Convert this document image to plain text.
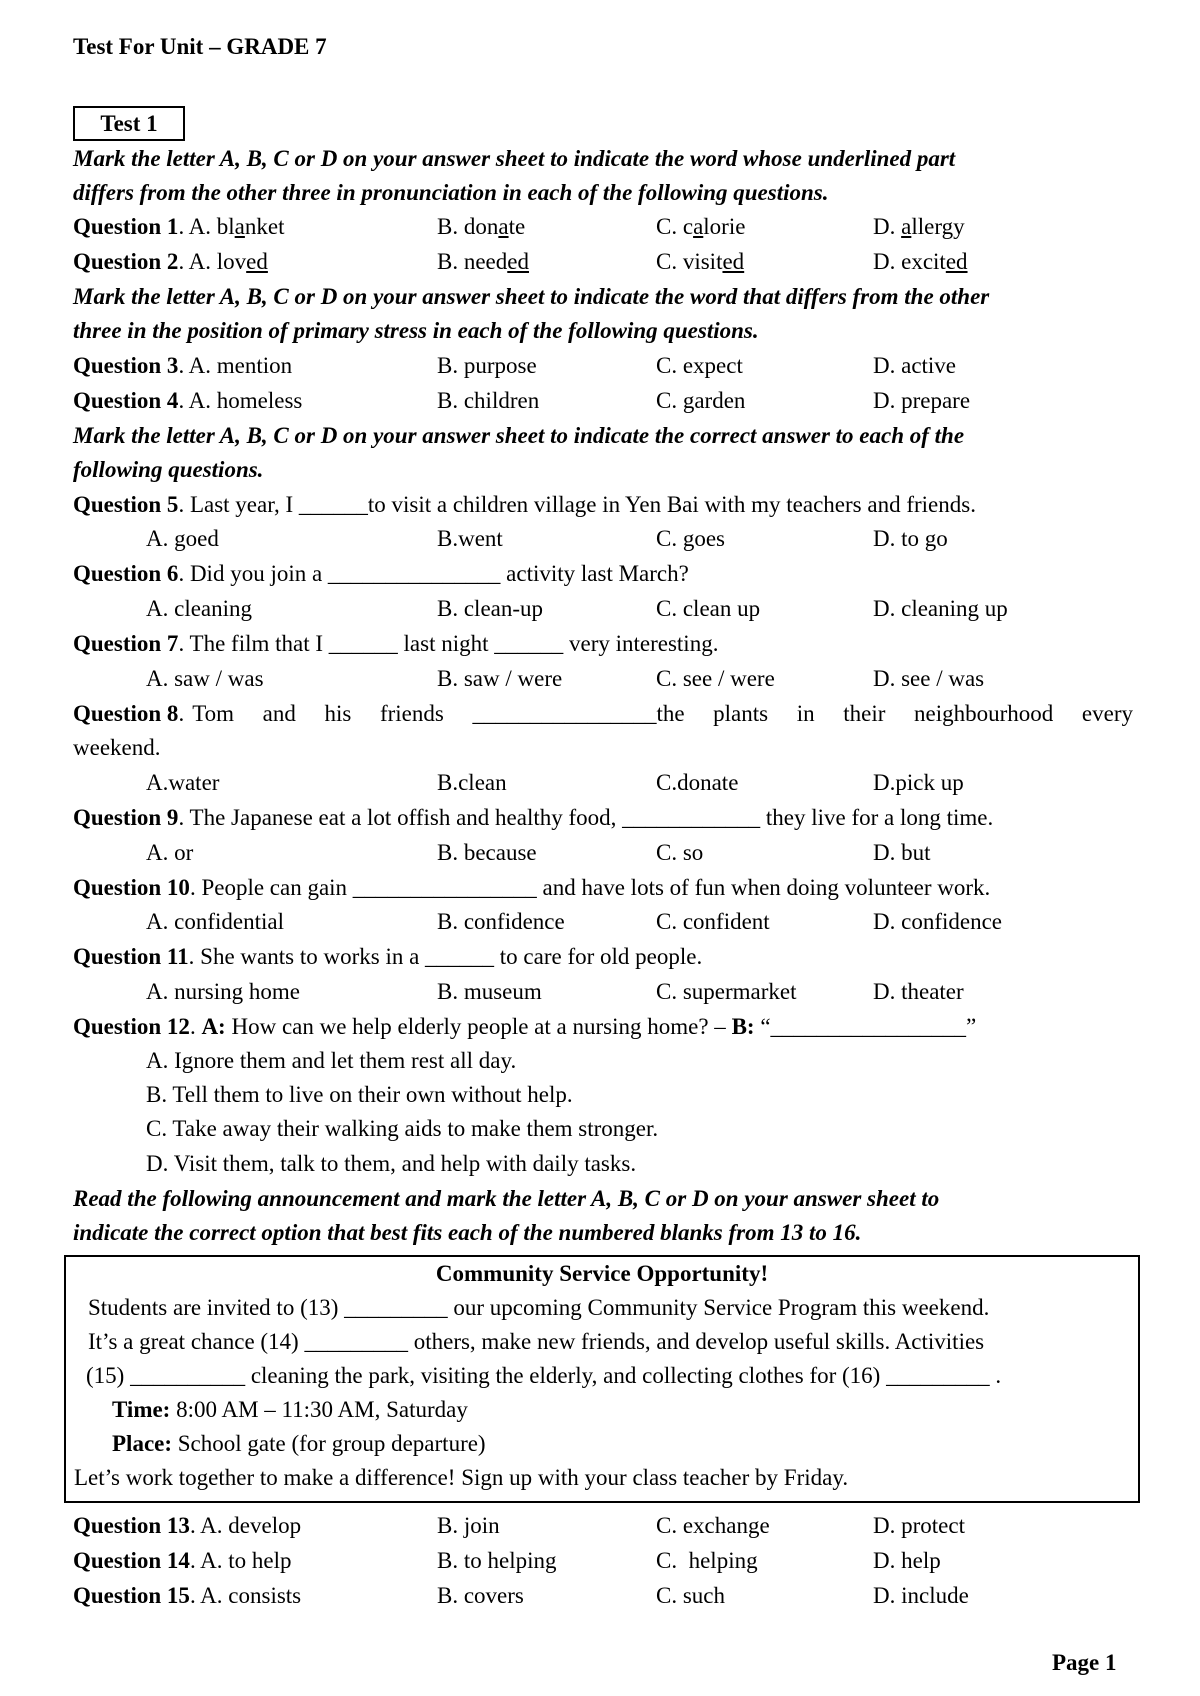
Test For Unit – GRADE 7
Test 1
Mark the letter A, B, C or D on your answer sheet to indicate the word whose underlined part
differs from the other three in pronunciation in each of the following questions.
Question 1. A. blanket	B. donate	C. calorie	D. allergy
Question 2. A. loved	B. needed	C. visited	D. excited
Mark the letter A, B, C or D on your answer sheet to indicate the word that differs from the other
three in the position of primary stress in each of the following questions.
Question 3. A. mention	B. purpose	C. expect	D. active
Question 4. A. homeless	B. children	C. garden	D. prepare
Mark the letter A, B, C or D on your answer sheet to indicate the correct answer to each of the
following questions.
Question 5. Last year, I ______to visit a children village in Yen Bai with my teachers and friends.
A. goed	B.went	C. goes	D. to go
Question 6. Did you join a _______________ activity last March?
A. cleaning	B. clean-up	C. clean up	D. cleaning up
Question 7. The film that I ______ last night ______ very interesting.
A. saw / was	B. saw / were	C. see / were	D. see / was
Question 8. Tom and his friends ________________the plants in their neighbourhood every
weekend.
A.water	B.clean	C.donate	D.pick up
Question 9. The Japanese eat a lot offish and healthy food, ____________ they live for a long time.
A. or	B. because	C. so	D. but
Question 10. People can gain ________________ and have lots of fun when doing volunteer work.
A. confidential	B. confidence	C. confident	D. confidence
Question 11. She wants to works in a ______ to care for old people.
A. nursing home	B. museum	C. supermarket	D. theater
Question 12. A: How can we help elderly people at a nursing home? – B: “_________________”
A. Ignore them and let them rest all day.
B. Tell them to live on their own without help.
C. Take away their walking aids to make them stronger.
D. Visit them, talk to them, and help with daily tasks.
Read the following announcement and mark the letter A, B, C or D on your answer sheet to
indicate the correct option that best fits each of the numbered blanks from 13 to 16.
Community Service Opportunity!
Students are invited to (13) _________ our upcoming Community Service Program this weekend.
It’s a great chance (14) _________ others, make new friends, and develop useful skills. Activities
(15) __________ cleaning the park, visiting the elderly, and collecting clothes for (16) _________ .
Time: 8:00 AM – 11:30 AM, Saturday
Place: School gate (for group departure)
Let’s work together to make a difference! Sign up with your class teacher by Friday.
Question 13. A. develop	B. join	C. exchange	D. protect
Question 14. A. to help	B. to helping	C.  helping	D. help
Question 15. A. consists	B. covers	C. such	D. include
Page 1
